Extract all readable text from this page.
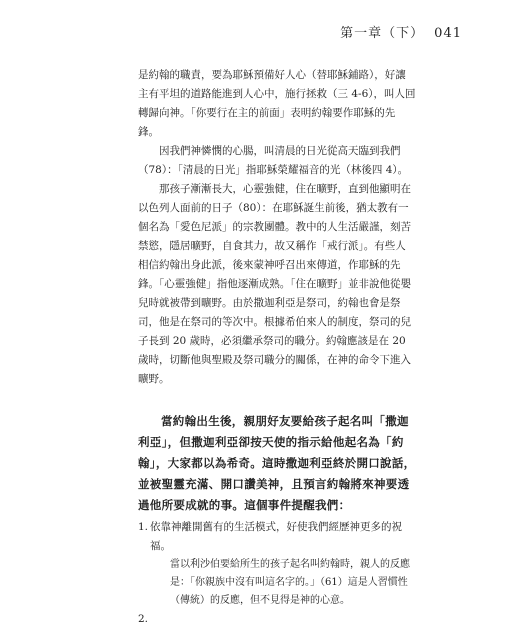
第一章（下） 041

是約翰的職責，要為耶穌預備好人心（替耶穌鋪路），好讓主有平坦的道路能進到人心中，施行拯救（三 4-6），叫人回轉歸向神。「你要行在主的前面」表明約翰要作耶穌的先鋒。

因我們神憐憫的心腸，叫清晨的日光從高天臨到我們（78）：「清晨的日光」指耶穌榮耀福音的光（林後四 4）。

那孩子漸漸長大，心靈強健，住在曠野，直到他顯明在以色列人面前的日子（80）：在耶穌誕生前後，猶太教有一個名為「愛色尼派」的宗教團體。教中的人生活嚴謹，刻苦禁慾，隱居曠野，自食其力，故又稱作「戒行派」。有些人相信約翰出身此派，後來蒙神呼召出來傳道，作耶穌的先鋒。「心靈強健」指他逐漸成熟。「住在曠野」並非說他從嬰兒時就被帶到曠野。由於撒迦利亞是祭司，約翰也會是祭司，他是在祭司的等次中。根據希伯來人的制度，祭司的兒子長到 20 歲時，必須繼承祭司的職分。約翰應該是在 20 歲時，切斷他與聖殿及祭司職分的關係，在神的命令下進入曠野。

當約翰出生後，親朋好友要給孩子起名叫「撒迦利亞」，但撒迦利亞卻按天使的指示給他起名為「約翰」，大家都以為希奇。這時撒迦利亞終於開口說話，並被聖靈充滿、開口讚美神，且預言約翰將來神要透過他所要成就的事。這個事件提醒我們：

1. 依靠神離開舊有的生活模式，好使我們經歷神更多的祝福。

當以利沙伯要給所生的孩子起名叫約翰時，親人的反應是：「你親族中沒有叫這名字的。」（61）這是人習慣性（傳統）的反應，但不見得是神的心意。

2.
